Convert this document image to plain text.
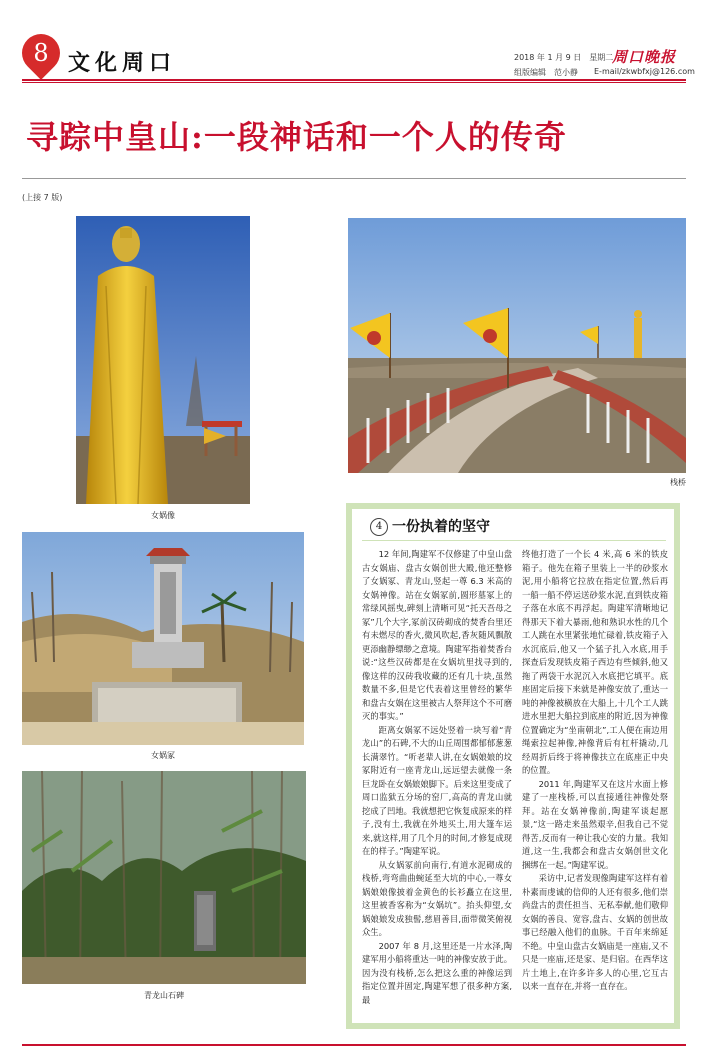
8 文化周口	2018 年 1 月 9 日　星期二
周口晚报
组版编辑　范小静 E-mail/zkwbfxj@126.com
寻踪中皇山:一段神话和一个人的传奇
(上接 7 版)
女娲像
栈桥
女娲冢
青龙山石碑
4 一份执着的坚守

12 年间,陶建军不仅修建了中皇山盘古女娲庙、盘古女娲创世大殿,他还整修了女娲冢、青龙山,竖起一尊 6.3 米高的女娲神像。站在女娲冢前,圆形墓冢上的常绿风摇曳,碑刻上清晰可见“托天吾母之冢”几个大字,冢前汉砖砌成的焚香台里还有未燃尽的香火,微风吹起,香灰随风飘散更添幽静缥缈之意境。陶建军指着焚香台说:“这些汉砖都是在女娲坑里找寻到的,像这样的汉砖我收藏的还有几十块,虽然数量不多,但是它代表着这里曾经的繁华和盘古女娲在这里被古人祭拜这个不可磨灭的事实。”

距离女娲冢不远处竖着一块写着“青龙山”的石碑,不大的山丘周围都郁郁葱葱长满翠竹。“听老辈人讲,在女娲娘娘的坟冢附近有一座青龙山,远远望去就像一条巨龙卧在女娲娘娘脚下。后来这里变成了周口监狱五分场的窑厂,高高的青龙山就挖成了凹地。我就想把它恢复成原来的样子,没有土,我就在外地买土,用大篷车运来,就这样,用了几个月的时间,才修复成现在的样子。”陶建军说。

从女娲冢前向南行,有道水泥砌成的栈桥,弯弯曲曲蜿延至大坑的中心,一尊女娲娘娘像披着金黄色的长衫矗立在这里,这里被香客称为“女娲坑”。抬头仰望,女娲娘娘发成独髻,慈眉善目,面带微笑俯视众生。

2007 年 8 月,这里还是一片水泽,陶建军用小船将重达一吨的神像安放于此。因为没有栈桥,怎么把这么重的神像运到指定位置并固定,陶建军想了很多种方案,最

终他打造了一个长 4 米,高 6 米的铁皮箱子。他先在箱子里装上一半的砂浆水泥,用小船将它拉放在指定位置,然后再一船一船不停运送砂浆水泥,直到铁皮箱子落在水底不再浮起。陶建军清晰地记得那天下着大暴雨,他和熟识水性的几个工人跳在水里紧张地忙碌着,铁皮箱子入水沉底后,他又一个猛子扎入水底,用手探查后发现铁皮箱子西边有些倾斜,他又拖了两袋干水泥沉入水底把它填平。底座固定后接下来就是神像安放了,重达一吨的神像被横放在大船上,十几个工人跳进水里把大船拉到底座的附近,因为神像位置确定为“坐南朝北”,工人便在南边用绳索拉起神像,神像背后有杠杆撬动,几经周折后终于将神像扶立在底座正中央的位置。

2011 年,陶建军又在这片水面上修建了一座栈桥,可以直接通往神像处祭拜。站在女娲神像前,陶建军谈起愿景,“这一路走来虽然艰辛,但我自己不觉得苦,反而有一种让我心安的力量。我知道,这一生,我都会和盘古女娲创世文化捆绑在一起。”陶建军说。

采访中,记者发现像陶建军这样有着朴素而虔诚的信仰的人还有很多,他们崇尚盘古的责任担当、无私奉献,他们敬仰女娲的善良、宽容,盘古、女娲的创世故事已经融入他们的血脉。千百年来绵延不绝。中皇山盘古女娲庙是一座庙,又不只是一座庙,还是家、是归宿。在西华这片土地上,在许多许多人的心里,它互古以来一直存在,并将一直存在。
